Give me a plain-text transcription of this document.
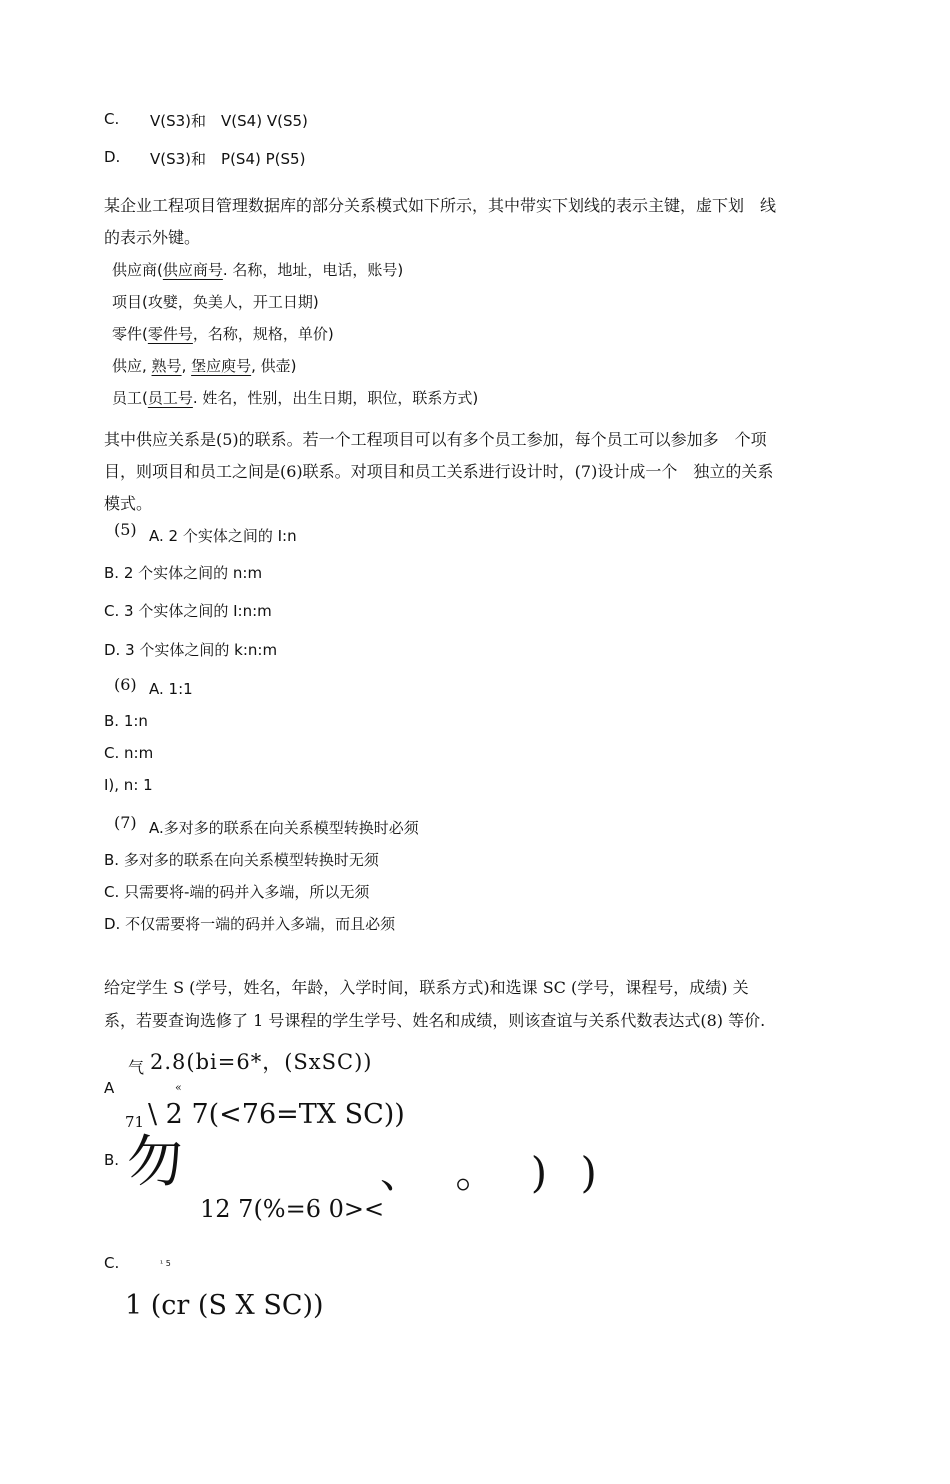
C. V(S3)和　V(S4) V(S5)
D. V(S3)和　P(S4) P(S5)
某企业工程项目管理数据库的部分关系模式如下所示，其中带实下划线的表示主键，虚下划　线
的表示外键。
供应商(供应商号. 名称，地址，电话，账号)
项目(攻嬖，奂美人，开工日期)
零件(零件号，名称，规格，单价)
供应, 熟号, 堡应庾号, 供壶)
员工(员工号. 姓名，性别，出生日期，职位，联系方式)
其中供应关系是(5)的联系。若一个工程项目可以有多个员工参加，每个员工可以参加多　个项
目，则项目和员工之间是(6)联系。对项目和员工关系进行设计时，(7)设计成一个　独立的关系
模式。
(5) A. 2 个实体之间的 I:n
B. 2 个实体之间的 n:m
C. 3 个实体之间的 I:n:m
D. 3 个实体之间的 k:n:m
(6) A. 1:1
B. 1:n
C. n:m
I), n: 1
(7) A.多对多的联系在向关系模型转换时必须
B. 多对多的联系在向关系模型转换时无须
C. 只需要将-端的码并入多端，所以无须
D. 不仅需要将一端的码并入多端，而且必须
给定学生 S (学号，姓名，年龄，入学时间，联系方式)和选课 SC (学号，课程号，成绩) 关
系，若要查询选修了 1 号课程的学生学号、姓名和成绩，则该查谊与关系代数表达式(8) 等价.
气 2.8(bi=6*，(SxSC))
A	«
71 \ 2 7(<76=TX SC))
B. 勿
12 7(%=6 0><
、 。 ) )
C.	¹ 5
1 (cr (S X SC))
